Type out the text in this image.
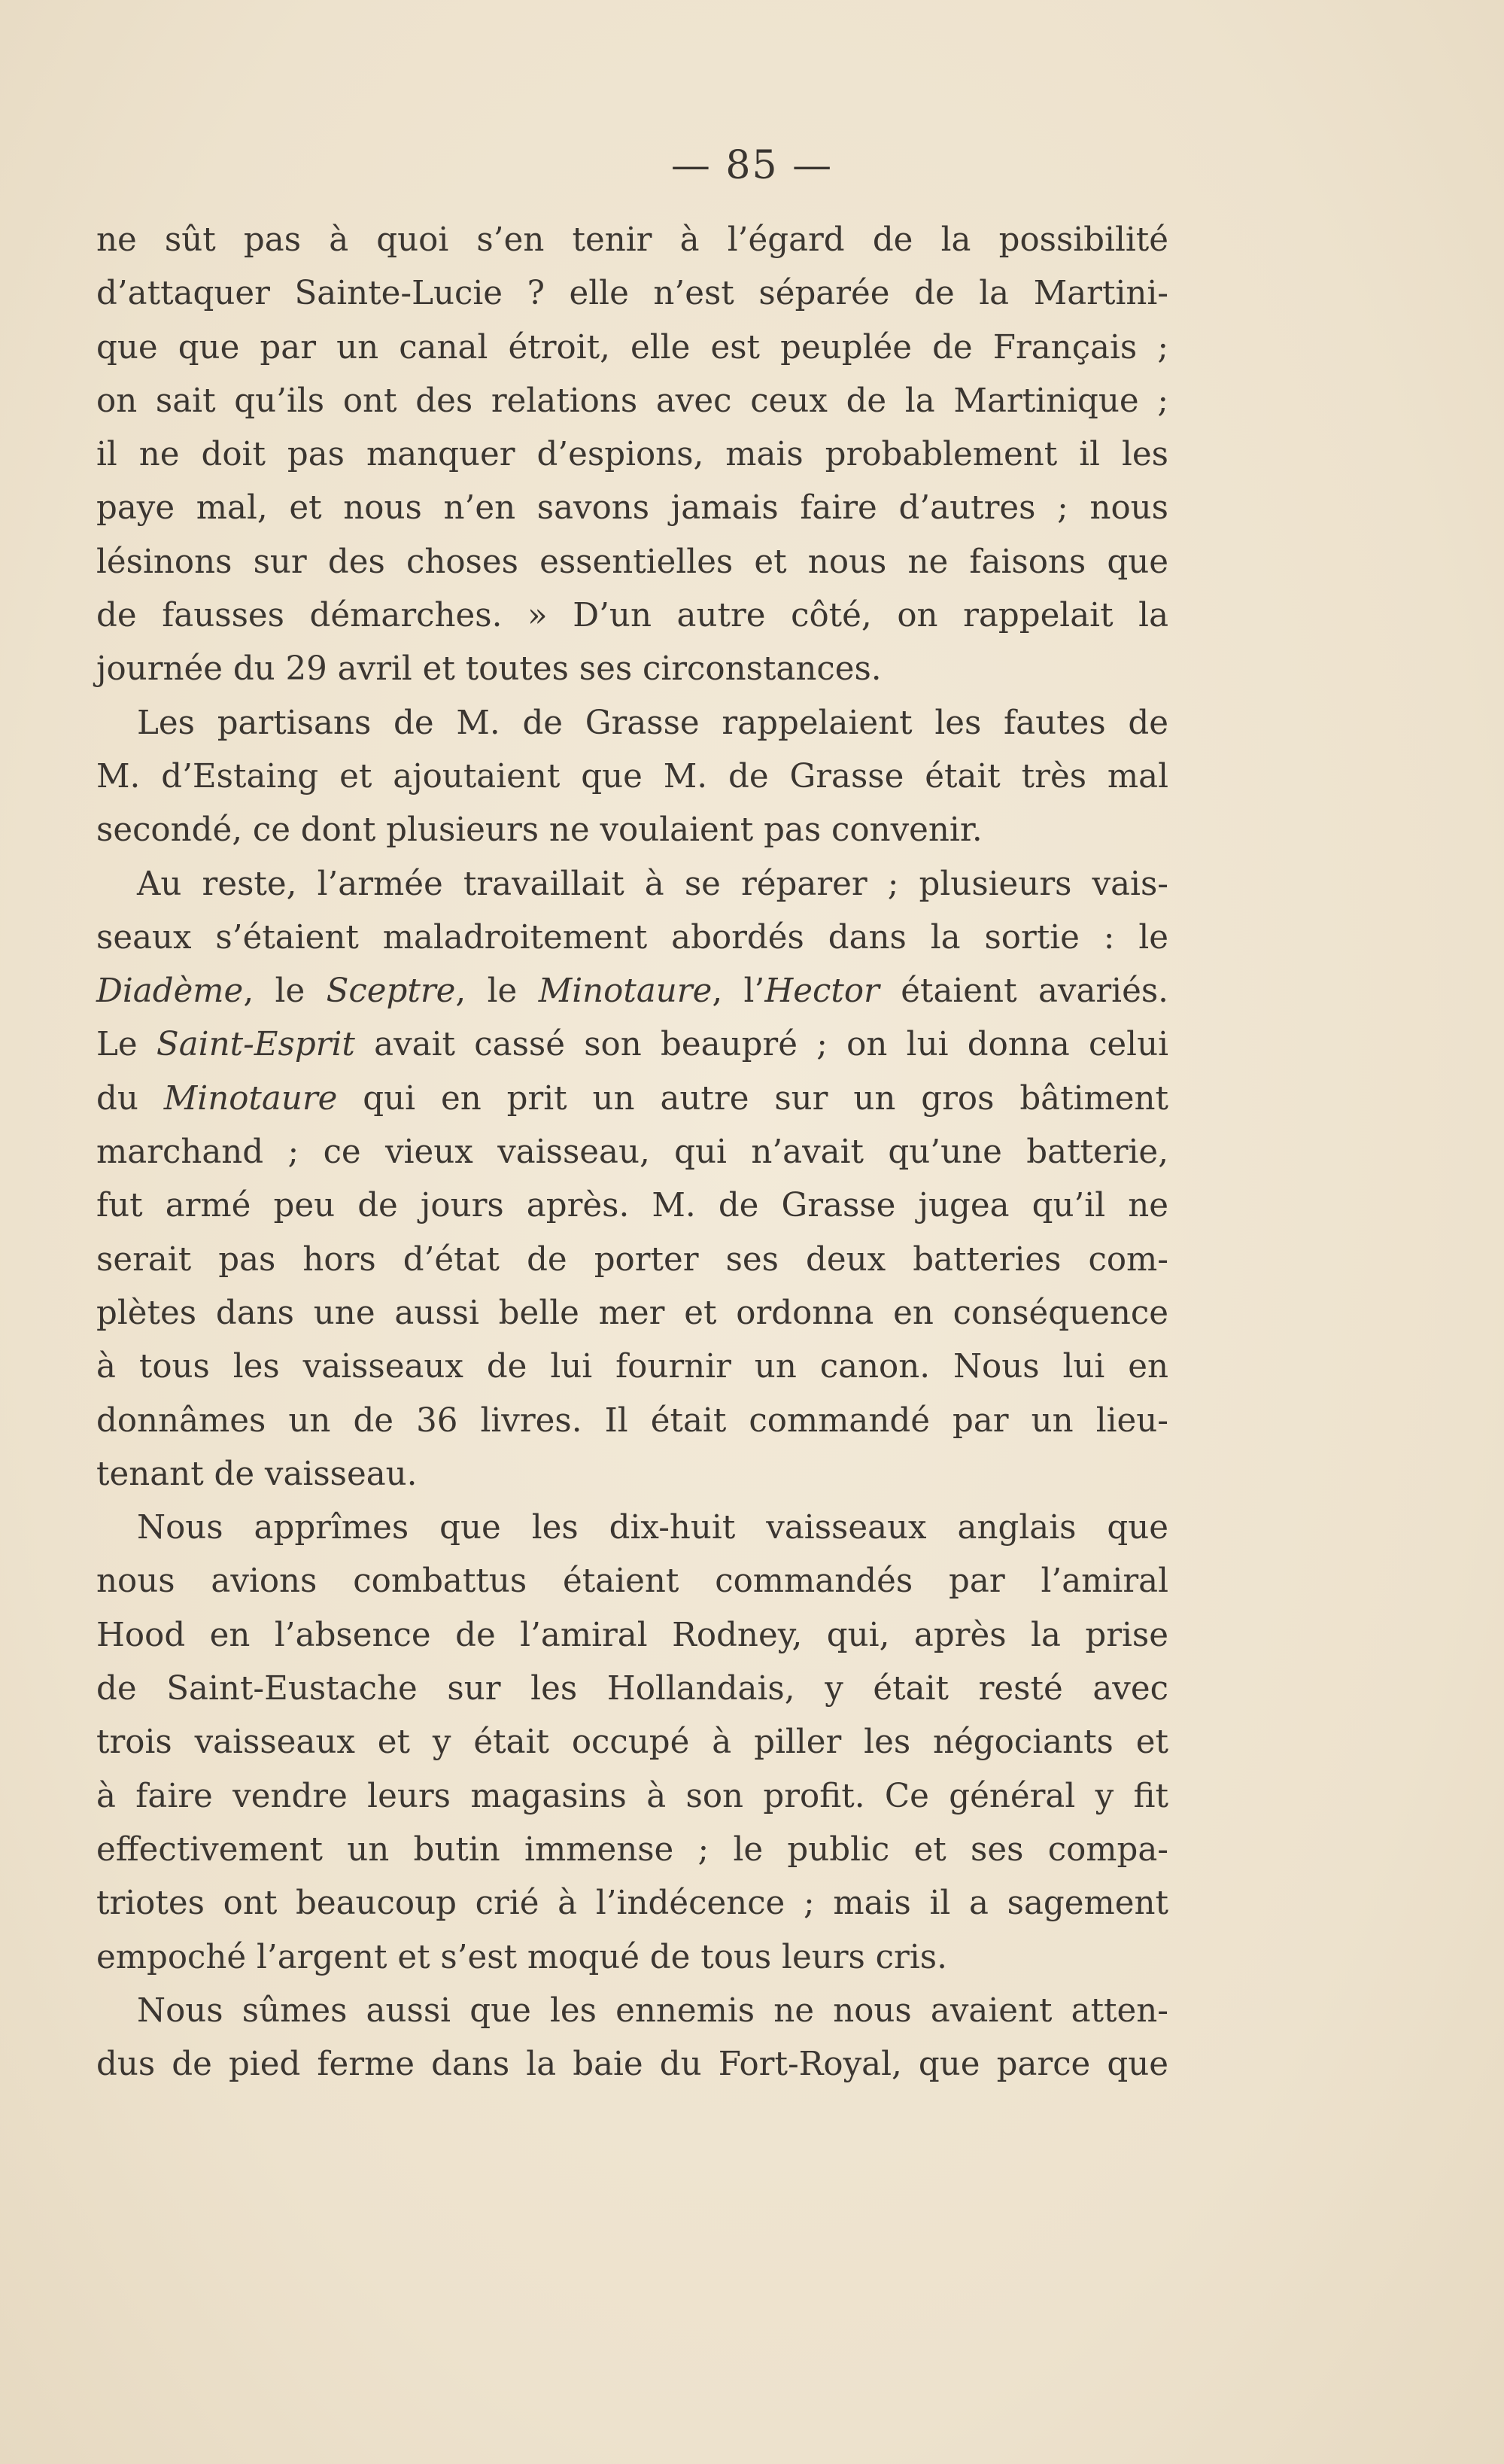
— 85 —
ne sût pas à quoi s’en tenir à l’égard de la possibilité
d’attaquer Sainte-Lucie ? elle n’est séparée de la Martini-
que que par un canal étroit, elle est peuplée de Français ;
on sait qu’ils ont des relations avec ceux de la Martinique ;
il ne doit pas manquer d’espions, mais probablement il les
paye mal, et nous n’en savons jamais faire d’autres ; nous
lésinons sur des choses essentielles et nous ne faisons que
de fausses démarches. » D’un autre côté, on rappelait la
journée du 29 avril et toutes ses circonstances.
Les partisans de M. de Grasse rappelaient les fautes de
M. d’Estaing et ajoutaient que M. de Grasse était très mal
secondé, ce dont plusieurs ne voulaient pas convenir.
Au reste, l’armée travaillait à se réparer ; plusieurs vais-
seaux s’étaient maladroitement abordés dans la sortie : le
Diadème, le Sceptre, le Minotaure, l’Hector étaient avariés.
Le Saint-Esprit avait cassé son beaupré ; on lui donna celui
du Minotaure qui en prit un autre sur un gros bâtiment
marchand ; ce vieux vaisseau, qui n’avait qu’une batterie,
fut armé peu de jours après. M. de Grasse jugea qu’il ne
serait pas hors d’état de porter ses deux batteries com-
plètes dans une aussi belle mer et ordonna en conséquence
à tous les vaisseaux de lui fournir un canon. Nous lui en
donnâmes un de 36 livres. Il était commandé par un lieu-
tenant de vaisseau.
Nous apprîmes que les dix-huit vaisseaux anglais que
nous avions combattus étaient commandés par l’amiral
Hood en l’absence de l’amiral Rodney, qui, après la prise
de Saint-Eustache sur les Hollandais, y était resté avec
trois vaisseaux et y était occupé à piller les négociants et
à faire vendre leurs magasins à son profit. Ce général y fit
effectivement un butin immense ; le public et ses compa-
triotes ont beaucoup crié à l’indécence ; mais il a sagement
empoché l’argent et s’est moqué de tous leurs cris.
Nous sûmes aussi que les ennemis ne nous avaient atten-
dus de pied ferme dans la baie du Fort-Royal, que parce que
